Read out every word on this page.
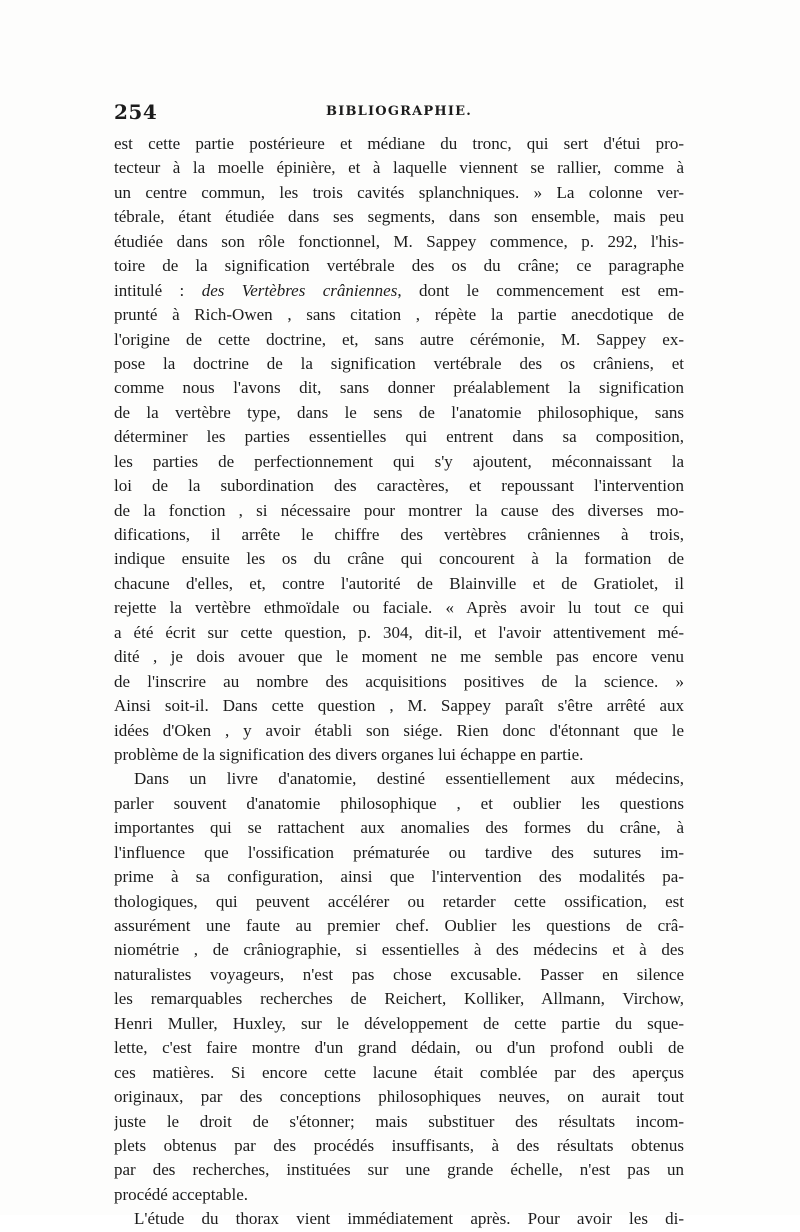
254	BIBLIOGRAPHIE.
est cette partie postérieure et médiane du tronc, qui sert d'étui pro-
tecteur à la moelle épinière, et à laquelle viennent se rallier, comme à
un centre commun, les trois cavités splanchniques. » La colonne ver-
tébrale, étant étudiée dans ses segments, dans son ensemble, mais peu
étudiée dans son rôle fonctionnel, M. Sappey commence, p. 292, l'his-
toire de la signification vertébrale des os du crâne; ce paragraphe
intitulé : des Vertèbres crâniennes, dont le commencement est em-
prunté à Rich-Owen , sans citation , répète la partie anecdotique de
l'origine de cette doctrine, et, sans autre cérémonie, M. Sappey ex-
pose la doctrine de la signification vertébrale des os crâniens, et
comme nous l'avons dit, sans donner préalablement la signification
de la vertèbre type, dans le sens de l'anatomie philosophique, sans
déterminer les parties essentielles qui entrent dans sa composition,
les parties de perfectionnement qui s'y ajoutent, méconnaissant la
loi de la subordination des caractères, et repoussant l'intervention
de la fonction , si nécessaire pour montrer la cause des diverses mo-
difications, il arrête le chiffre des vertèbres crâniennes à trois,
indique ensuite les os du crâne qui concourent à la formation de
chacune d'elles, et, contre l'autorité de Blainville et de Gratiolet, il
rejette la vertèbre ethmoïdale ou faciale. « Après avoir lu tout ce qui
a été écrit sur cette question, p. 304, dit-il, et l'avoir attentivement mé-
dité , je dois avouer que le moment ne me semble pas encore venu
de l'inscrire au nombre des acquisitions positives de la science. »
Ainsi soit-il. Dans cette question , M. Sappey paraît s'être arrêté aux
idées d'Oken , y avoir établi son siége. Rien donc d'étonnant que le
problème de la signification des divers organes lui échappe en partie.
Dans un livre d'anatomie, destiné essentiellement aux médecins,
parler souvent d'anatomie philosophique , et oublier les questions
importantes qui se rattachent aux anomalies des formes du crâne, à
l'influence que l'ossification prématurée ou tardive des sutures im-
prime à sa configuration, ainsi que l'intervention des modalités pa-
thologiques, qui peuvent accélérer ou retarder cette ossification, est
assurément une faute au premier chef. Oublier les questions de crâ-
niométrie , de crâniographie, si essentielles à des médecins et à des
naturalistes voyageurs, n'est pas chose excusable. Passer en silence
les remarquables recherches de Reichert, Kolliker, Allmann, Virchow,
Henri Muller, Huxley, sur le développement de cette partie du sque-
lette, c'est faire montre d'un grand dédain, ou d'un profond oubli de
ces matières. Si encore cette lacune était comblée par des aperçus
originaux, par des conceptions philosophiques neuves, on aurait tout
juste le droit de s'étonner; mais substituer des résultats incom-
plets obtenus par des procédés insuffisants, à des résultats obtenus
par des recherches, instituées sur une grande échelle, n'est pas un
procédé acceptable.
L'étude du thorax vient immédiatement après. Pour avoir les di-
